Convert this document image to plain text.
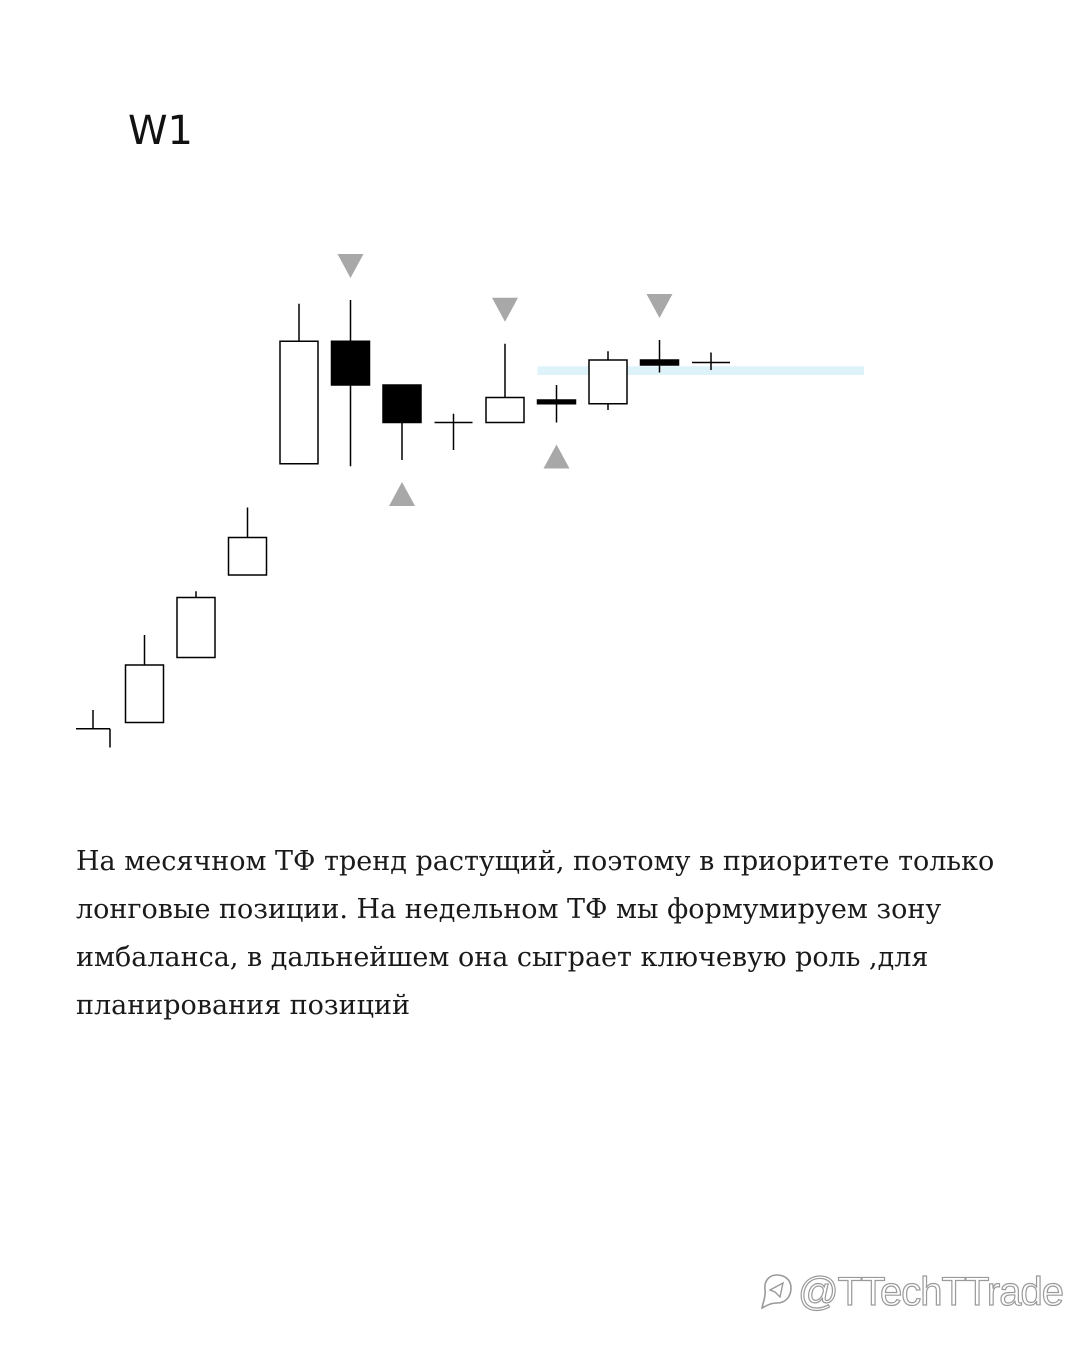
W1
На месячном ТФ тренд растущий, поэтому в приоритете только
лонговые позиции. На недельном ТФ мы формумируем зону
имбаланса, в дальнейшем она сыграет ключевую роль ,для
планирования позиций
@TTechTTrade
